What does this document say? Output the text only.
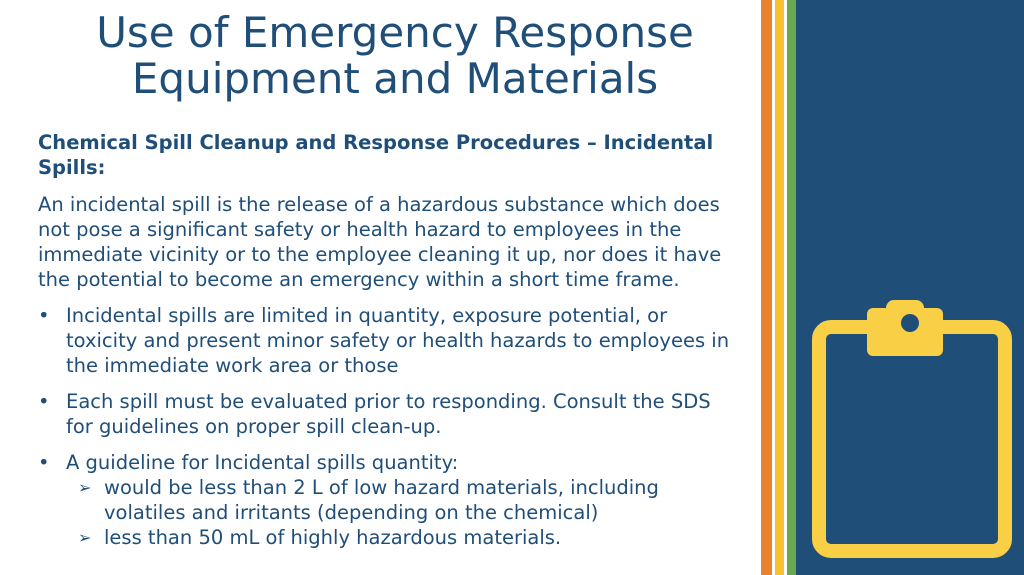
Use of Emergency Response Equipment and Materials

Chemical Spill Cleanup and Response Procedures – Incidental Spills:

An incidental spill is the release of a hazardous substance which does not pose a significant safety or health hazard to employees in the immediate vicinity or to the employee cleaning it up, nor does it have the potential to become an emergency within a short time frame.

• Incidental spills are limited in quantity, exposure potential, or toxicity and present minor safety or health hazards to employees in the immediate work area or those
• Each spill must be evaluated prior to responding. Consult the SDS for guidelines on proper spill clean-up.
• A guideline for Incidental spills quantity:
➢ would be less than 2 L of low hazard materials, including volatiles and irritants (depending on the chemical)
➢ less than 50 mL of highly hazardous materials.
